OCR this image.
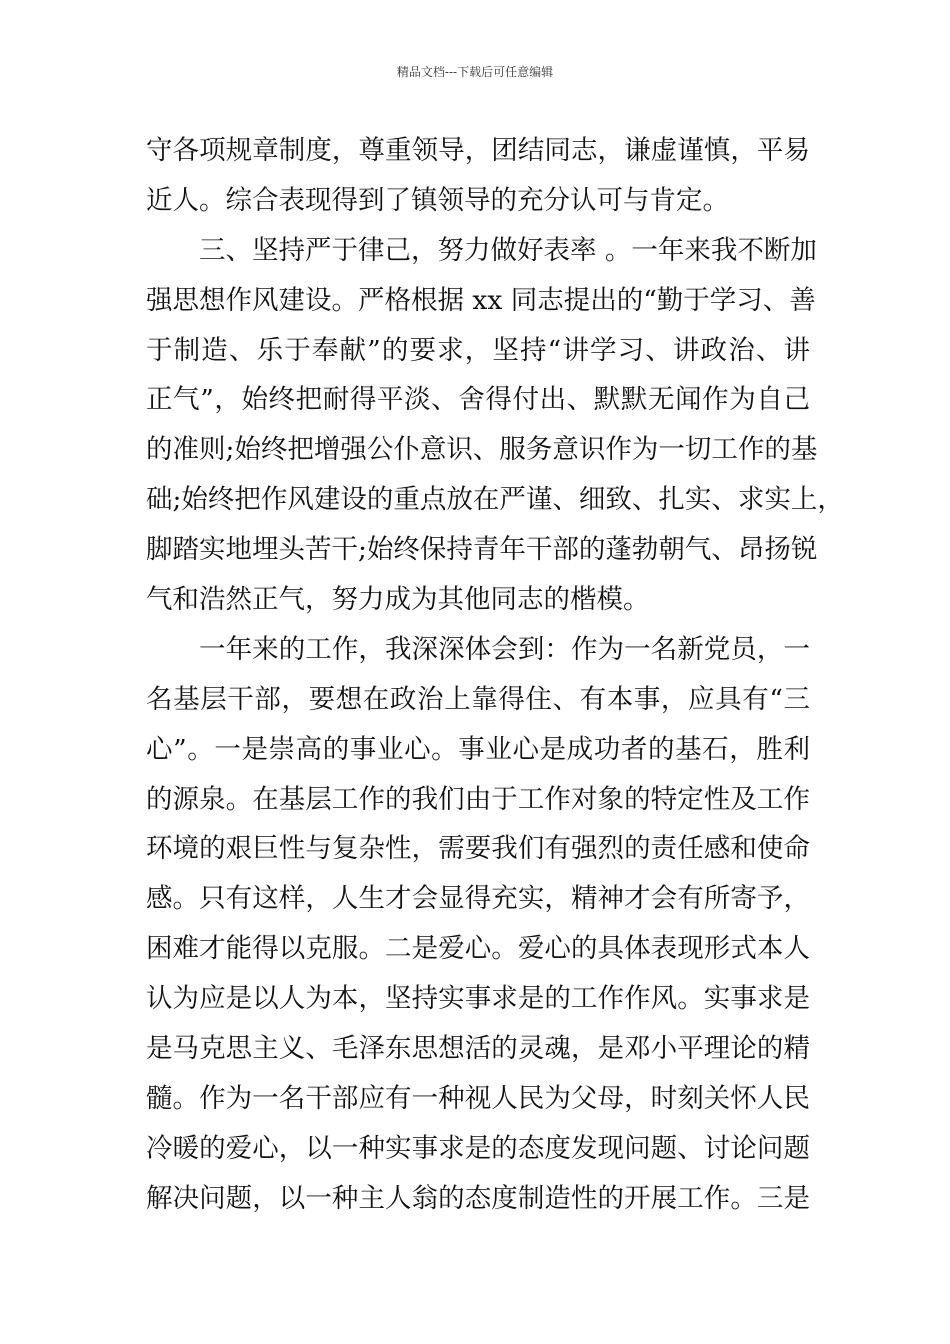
精品文档---下载后可任意编辑
守各项规章制度，尊重领导，团结同志，谦虚谨慎，平易
近人。综合表现得到了镇领导的充分认可与肯定。
三、坚持严于律己，努力做好表率 。一年来我不断加
强思想作风建设。严格根据 xx 同志提出的“勤于学习、善
于制造、乐于奉献”的要求，坚持“讲学习、讲政治、讲
正气”，始终把耐得平淡、舍得付出、默默无闻作为自己
的准则;始终把增强公仆意识、服务意识作为一切工作的基
础;始终把作风建设的重点放在严谨、细致、扎实、求实上，
脚踏实地埋头苦干;始终保持青年干部的蓬勃朝气、昂扬锐
气和浩然正气，努力成为其他同志的楷模。
一年来的工作，我深深体会到：作为一名新党员，一
名基层干部，要想在政治上靠得住、有本事，应具有“三
心”。一是崇高的事业心。事业心是成功者的基石，胜利
的源泉。在基层工作的我们由于工作对象的特定性及工作
环境的艰巨性与复杂性，需要我们有强烈的责任感和使命
感。只有这样，人生才会显得充实，精神才会有所寄予，
困难才能得以克服。二是爱心。爱心的具体表现形式本人
认为应是以人为本，坚持实事求是的工作作风。实事求是
是马克思主义、毛泽东思想活的灵魂，是邓小平理论的精
髓。作为一名干部应有一种视人民为父母，时刻关怀人民
冷暖的爱心，以一种实事求是的态度发现问题、讨论问题
解决问题，以一种主人翁的态度制造性的开展工作。三是
